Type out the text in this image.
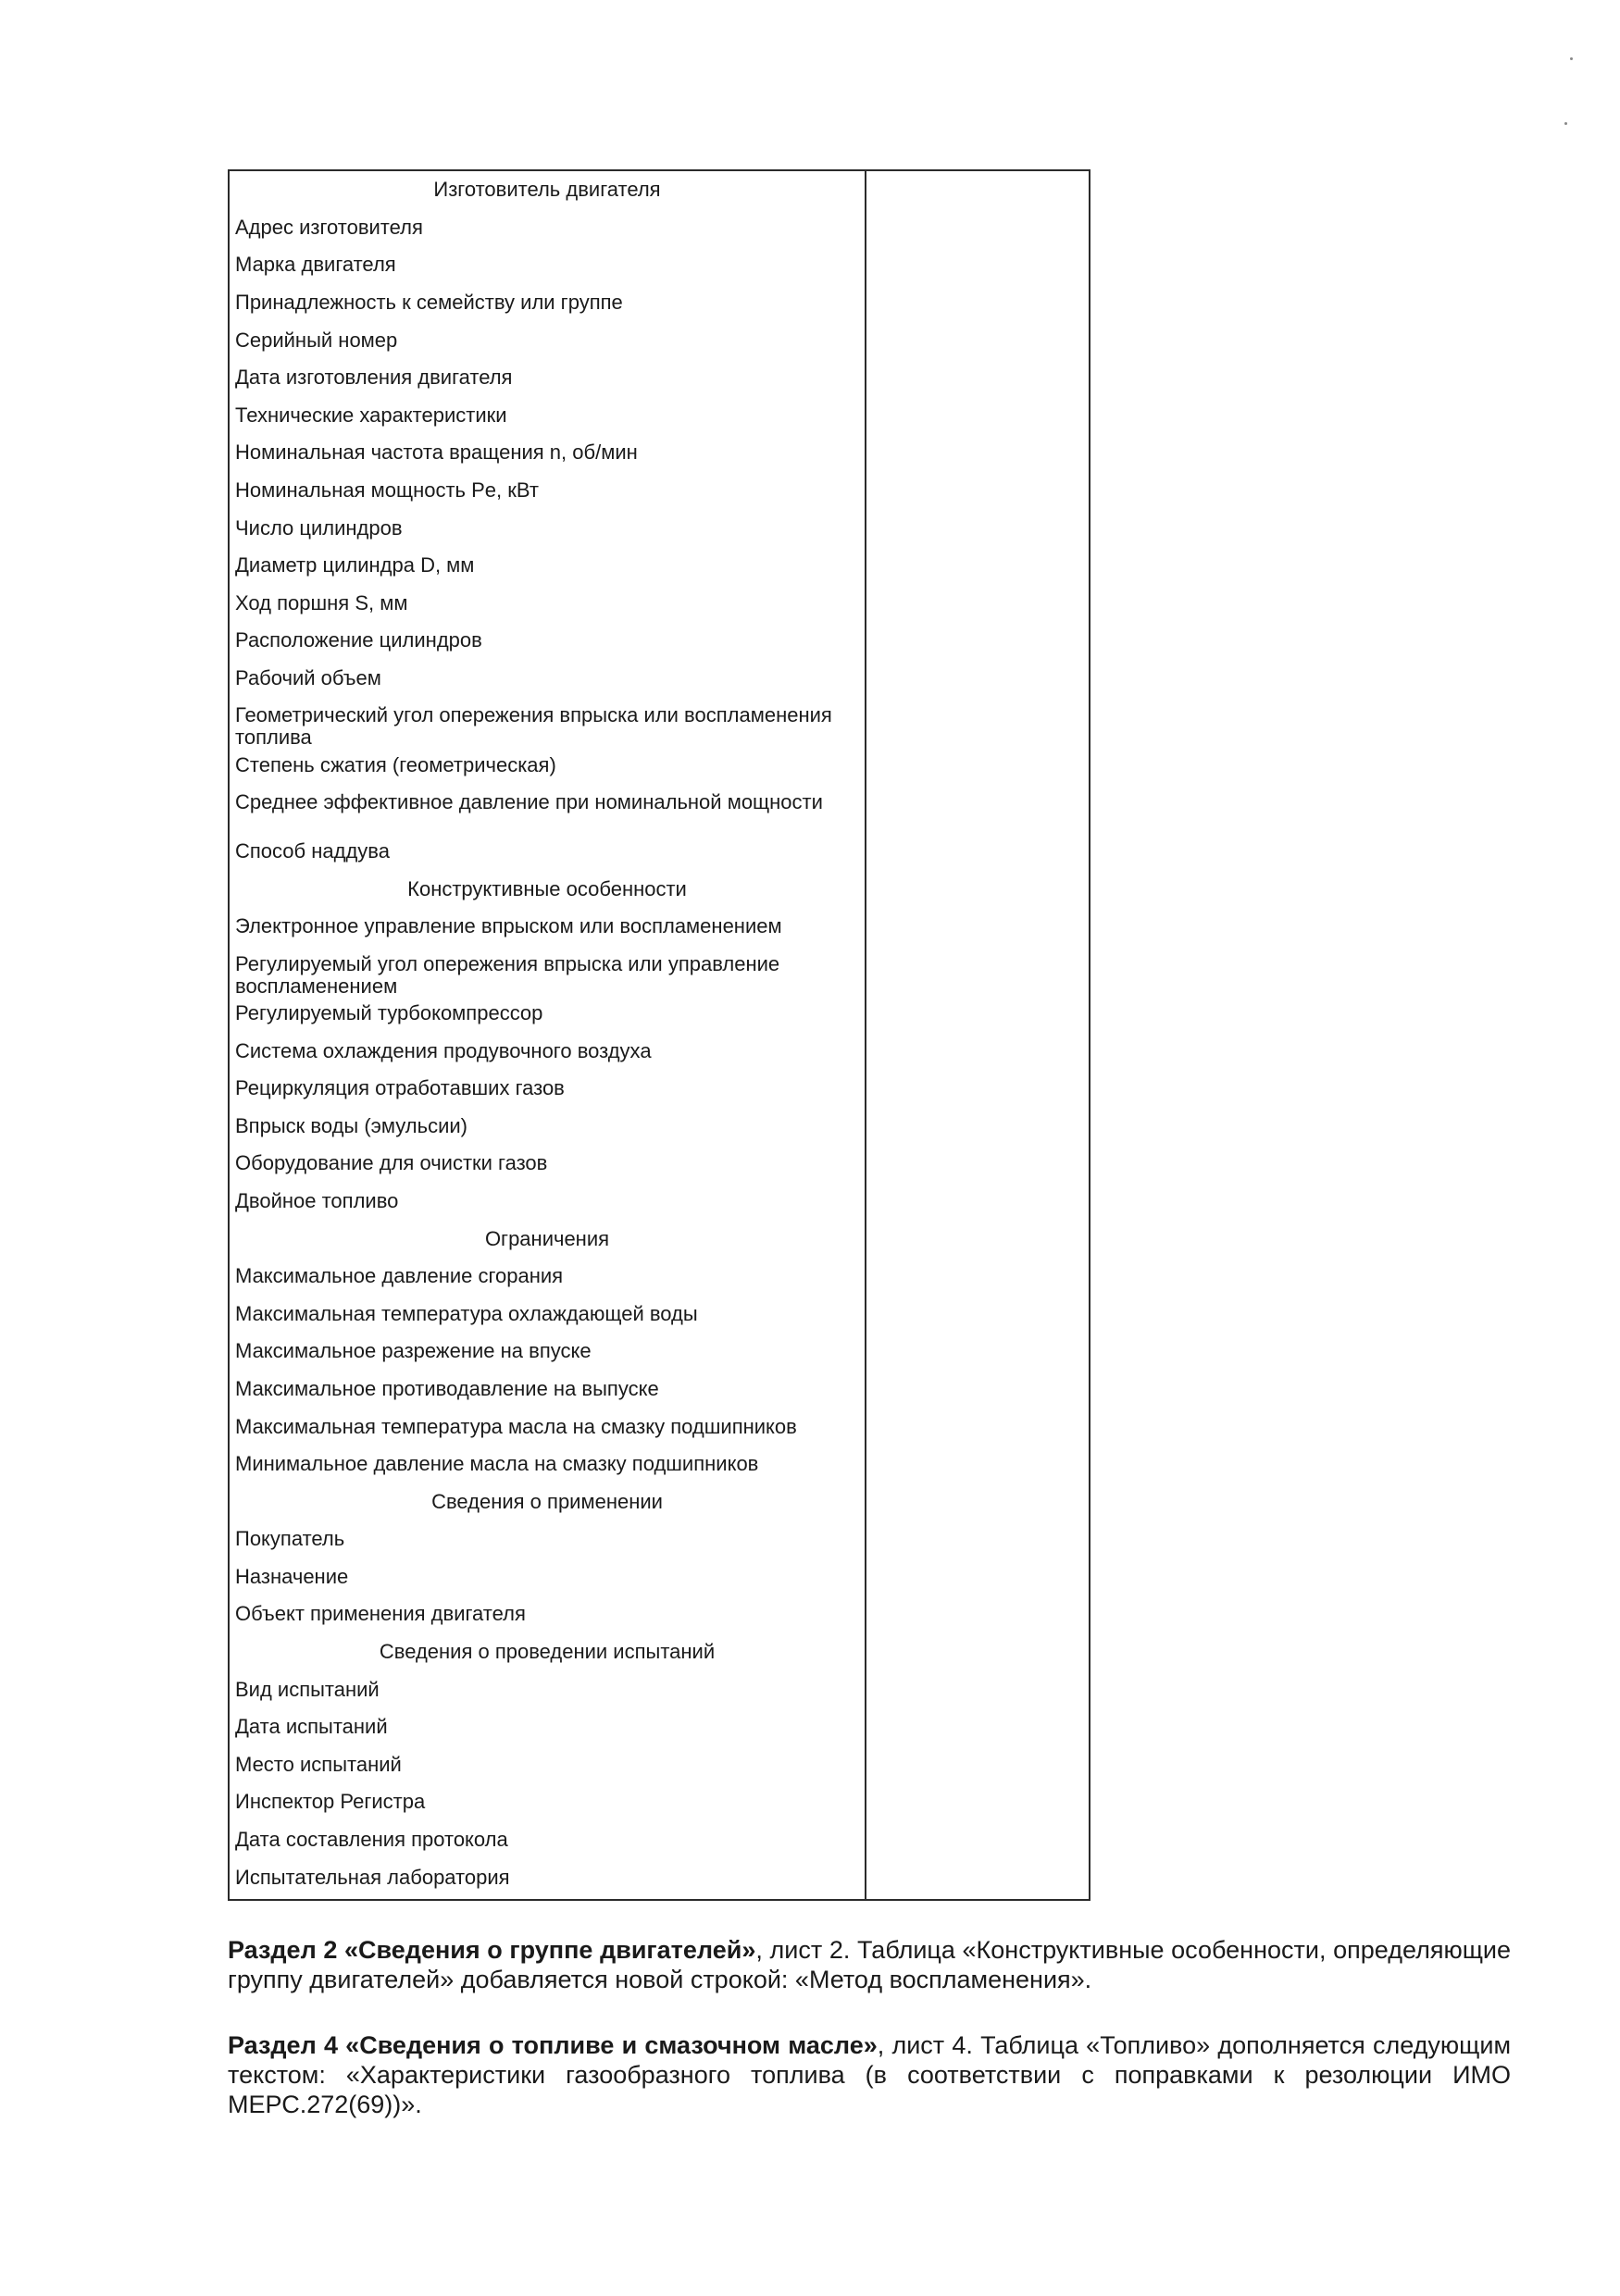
Изготовитель двигателя
Адрес изготовителя
Марка двигателя
Принадлежность к семейству или группе
Серийный номер
Дата изготовления двигателя
Технические характеристики
Номинальная частота вращения n, об/мин
Номинальная мощность Pe, кВт
Число цилиндров
Диаметр цилиндра D, мм
Ход поршня S, мм
Расположение цилиндров
Рабочий объем
Геометрический угол опережения впрыска или воспламенения топлива
Степень сжатия (геометрическая)
Среднее эффективное давление при номинальной мощности
Способ наддува
Конструктивные особенности
Электронное управление впрыском или воспламенением
Регулируемый угол опережения впрыска или управление воспламенением
Регулируемый турбокомпрессор
Система охлаждения продувочного воздуха
Рециркуляция отработавших газов
Впрыск воды (эмульсии)
Оборудование для очистки газов
Двойное топливо
Ограничения
Максимальное давление сгорания
Максимальная температура охлаждающей воды
Максимальное разрежение на впуске
Максимальное противодавление на выпуске
Максимальная температура масла на смазку подшипников
Минимальное давление масла на смазку подшипников
Сведения о применении
Покупатель
Назначение
Объект применения двигателя
Сведения о проведении испытаний
Вид испытаний
Дата испытаний
Место испытаний
Инспектор Регистра
Дата составления протокола
Испытательная лаборатория
Раздел 2 «Сведения о группе двигателей», лист 2. Таблица «Конструктивные особенности, определяющие группу двигателей» добавляется новой строкой: «Метод воспламенения».
Раздел 4 «Сведения о топливе и смазочном масле», лист 4. Таблица «Топливо» дополняется следующим текстом: «Характеристики газообразного топлива (в соответствии с поправками к резолюции ИМО МЕРС.272(69))».
